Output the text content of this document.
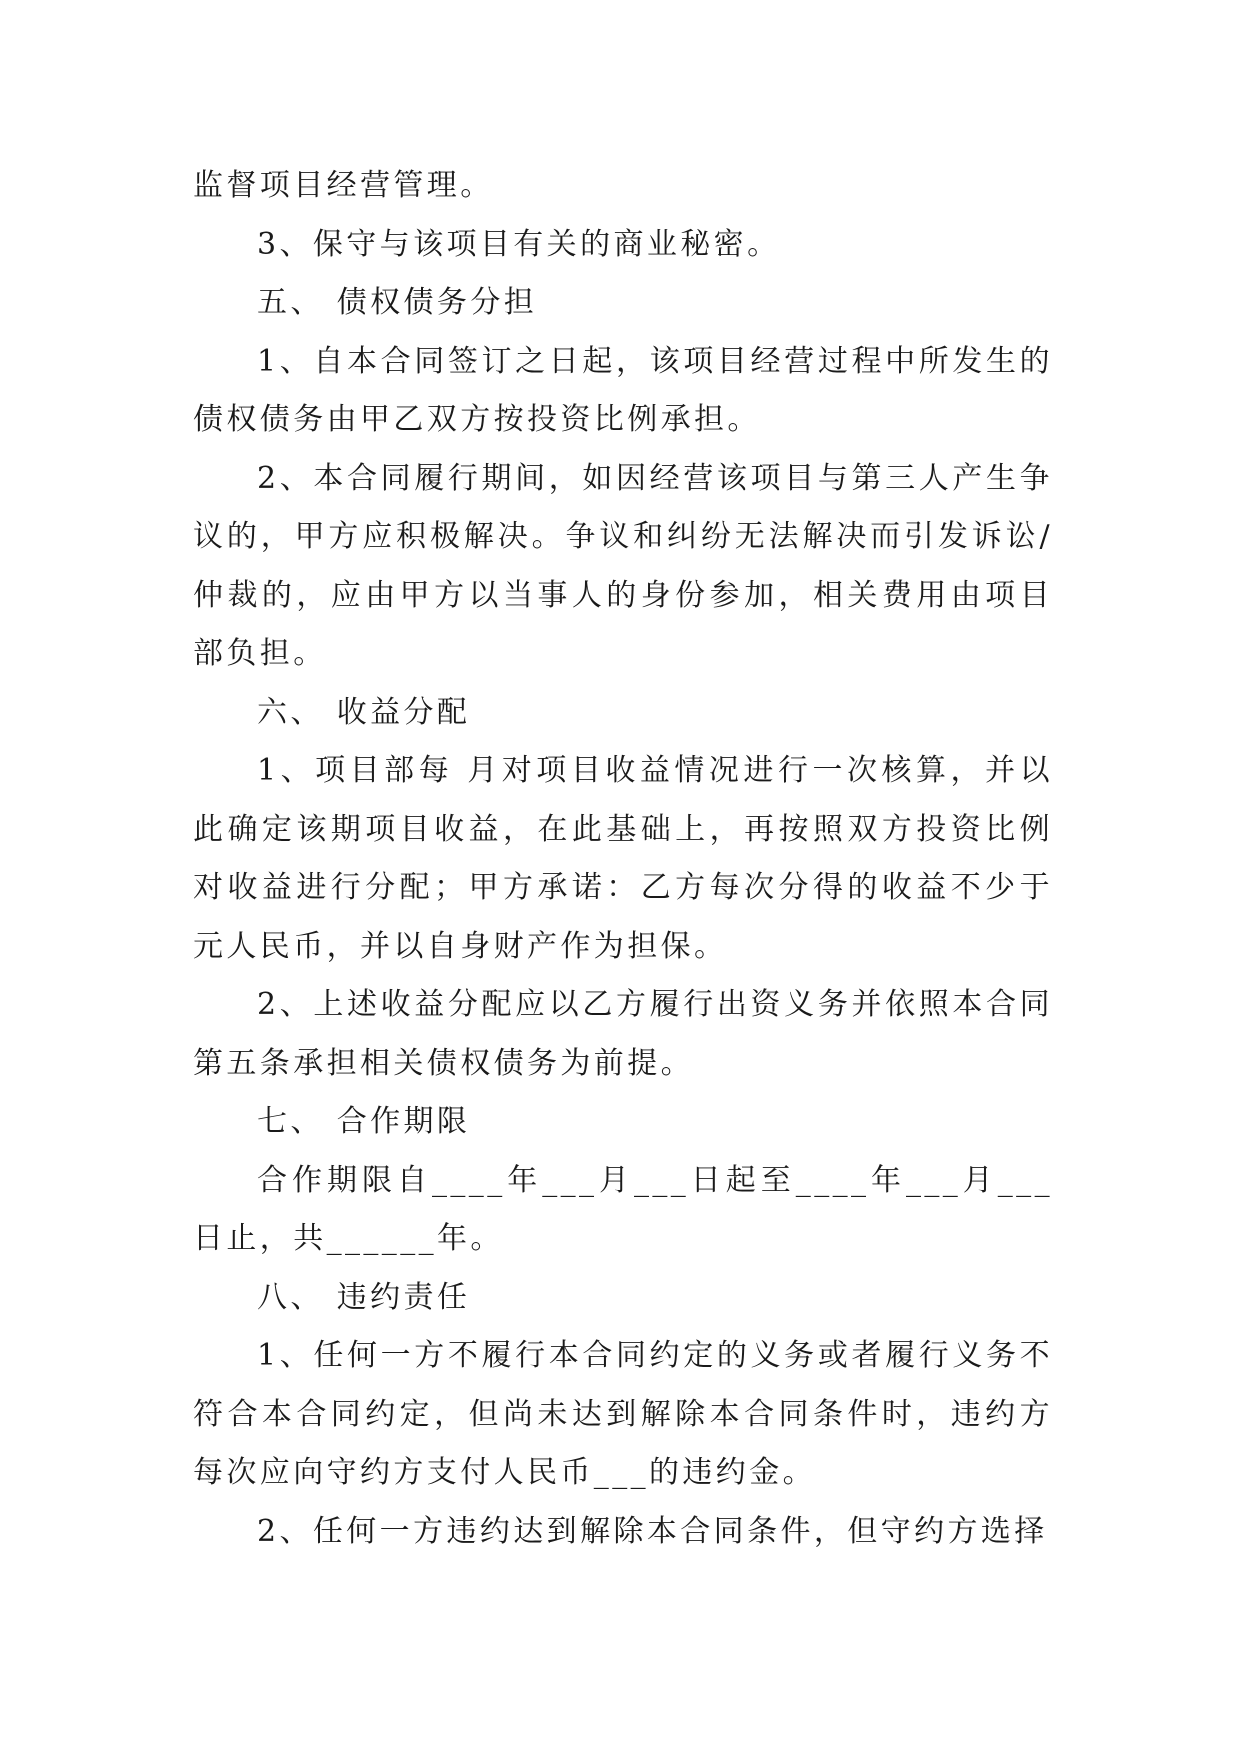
监督项目经营管理。

3、保守与该项目有关的商业秘密。

五、 债权债务分担

1、自本合同签订之日起，该项目经营过程中所发生的债权债务由甲乙双方按投资比例承担。

2、本合同履行期间，如因经营该项目与第三人产生争议的，甲方应积极解决。争议和纠纷无法解决而引发诉讼/仲裁的，应由甲方以当事人的身份参加，相关费用由项目部负担。

六、 收益分配

1、项目部每 月对项目收益情况进行一次核算，并以此确定该期项目收益，在此基础上，再按照双方投资比例对收益进行分配；甲方承诺：乙方每次分得的收益不少于 元人民币，并以自身财产作为担保。

2、上述收益分配应以乙方履行出资义务并依照本合同第五条承担相关债权债务为前提。

七、 合作期限

合作期限自____年___月___日起至____年___月___日止，共______年。

八、 违约责任

1、任何一方不履行本合同约定的义务或者履行义务不符合本合同约定，但尚未达到解除本合同条件时，违约方每次应向守约方支付人民币___的违约金。

2、任何一方违约达到解除本合同条件，但守约方选择
